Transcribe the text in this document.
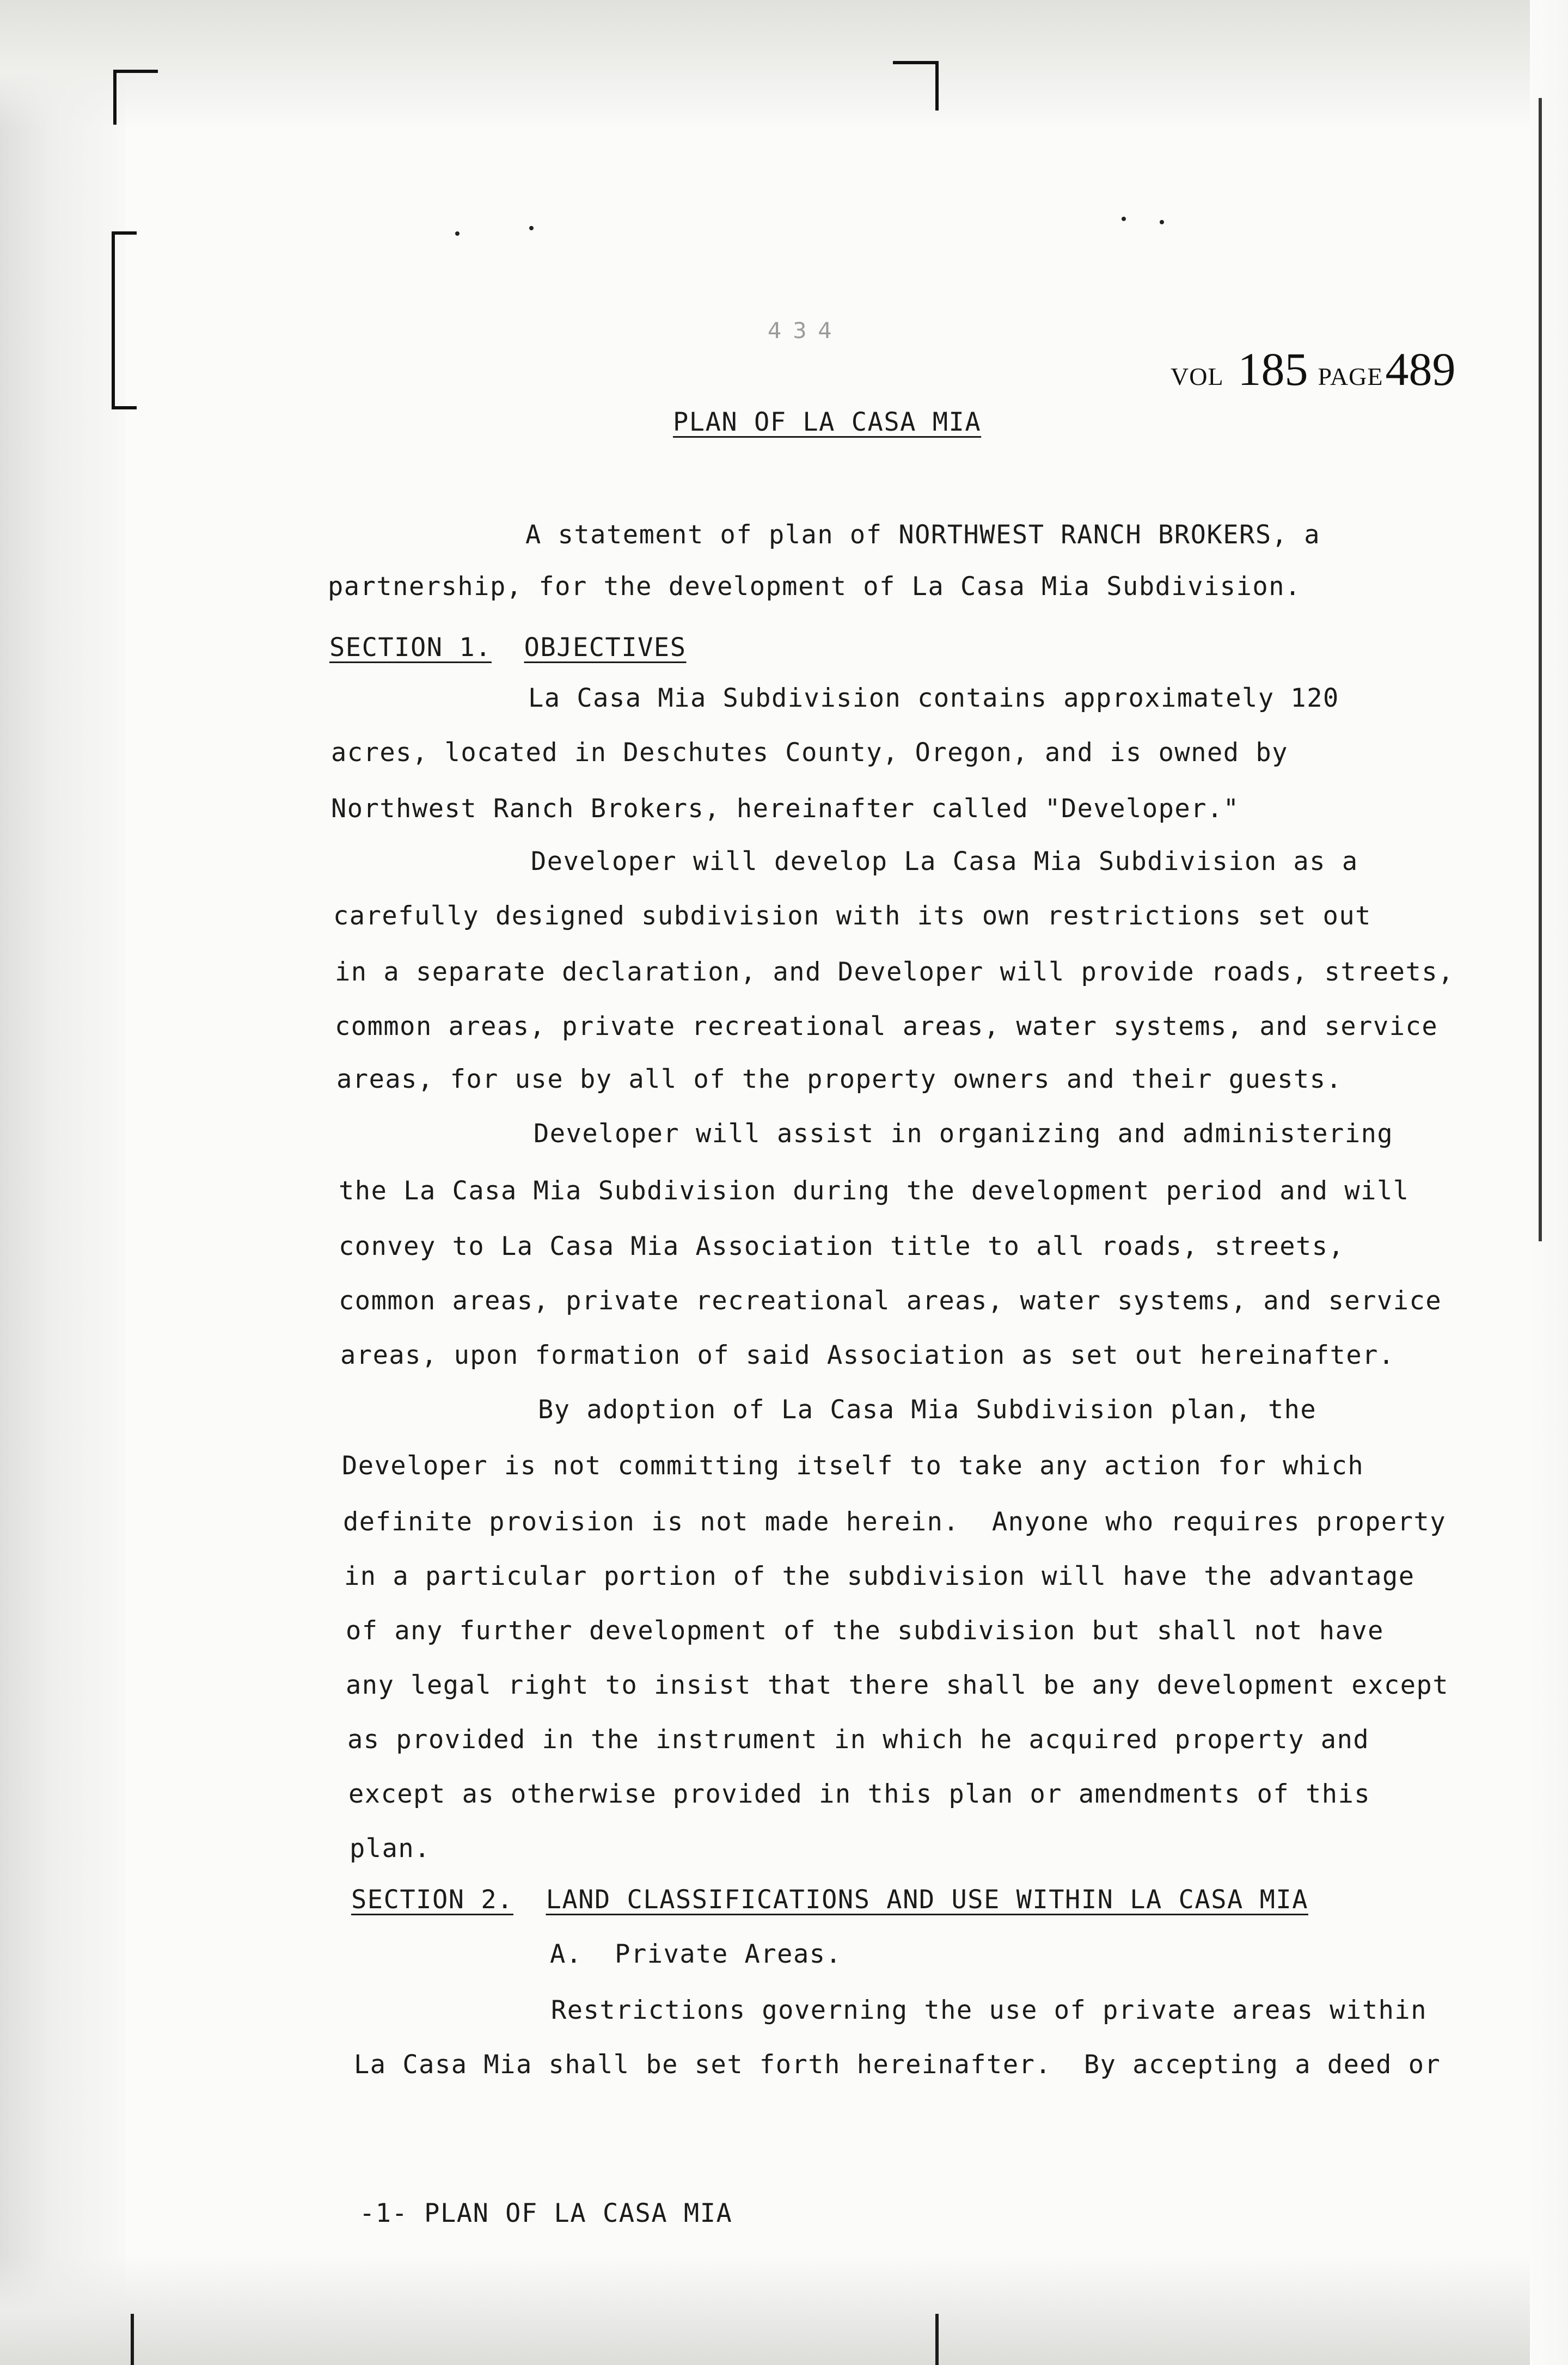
4 3 4
VOL 185 PAGE 489
PLAN OF LA CASA MIA
A statement of plan of NORTHWEST RANCH BROKERS, a
partnership, for the development of La Casa Mia Subdivision.
SECTION 1. OBJECTIVES
La Casa Mia Subdivision contains approximately 120
acres, located in Deschutes County, Oregon, and is owned by
Northwest Ranch Brokers, hereinafter called "Developer."
Developer will develop La Casa Mia Subdivision as a
carefully designed subdivision with its own restrictions set out
in a separate declaration, and Developer will provide roads, streets,
common areas, private recreational areas, water systems, and service
areas, for use by all of the property owners and their guests.
Developer will assist in organizing and administering
the La Casa Mia Subdivision during the development period and will
convey to La Casa Mia Association title to all roads, streets,
common areas, private recreational areas, water systems, and service
areas, upon formation of said Association as set out hereinafter.
By adoption of La Casa Mia Subdivision plan, the
Developer is not committing itself to take any action for which
definite provision is not made herein.  Anyone who requires property
in a particular portion of the subdivision will have the advantage
of any further development of the subdivision but shall not have
any legal right to insist that there shall be any development except
as provided in the instrument in which he acquired property and
except as otherwise provided in this plan or amendments of this
plan.
SECTION 2. LAND CLASSIFICATIONS AND USE WITHIN LA CASA MIA
A.  Private Areas.
Restrictions governing the use of private areas within
La Casa Mia shall be set forth hereinafter.  By accepting a deed or
-1- PLAN OF LA CASA MIA
